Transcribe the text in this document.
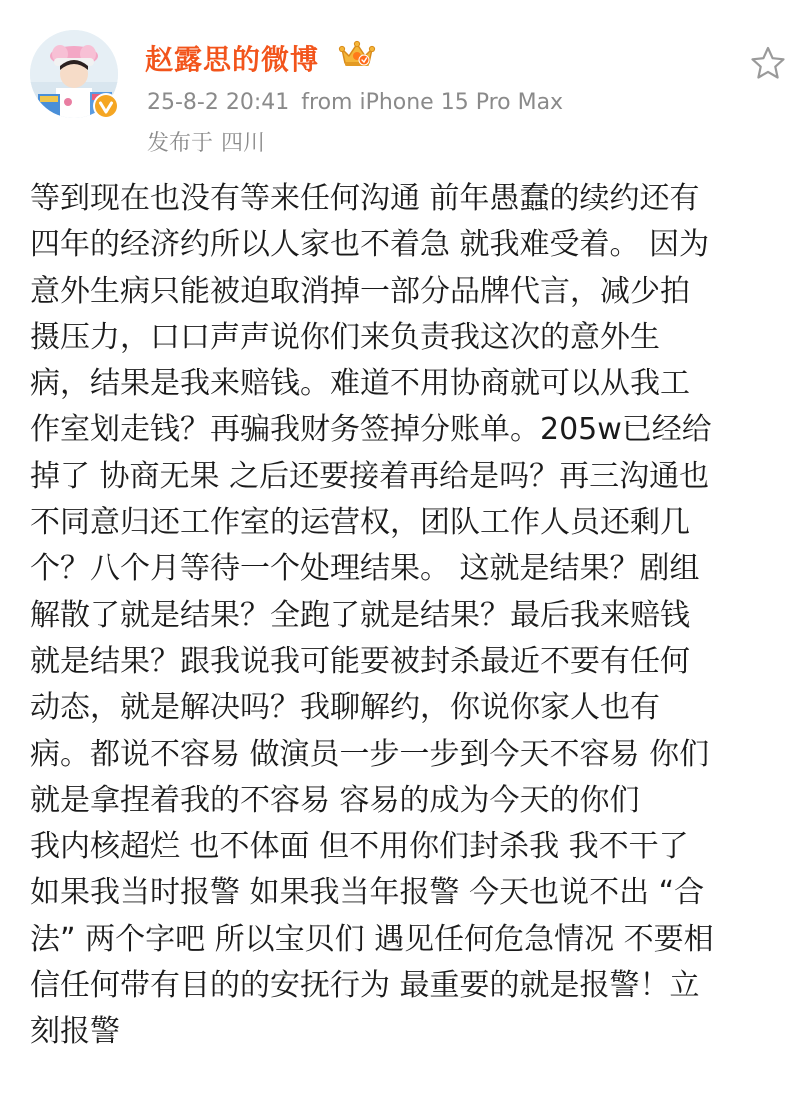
赵露思的微博
25-8-2 20:41 from iPhone 15 Pro Max
发布于 四川
等到现在也没有等来任何沟通 前年愚蠢的续约还有
四年的经济约所以人家也不着急 就我难受着。 因为
意外生病只能被迫取消掉一部分品牌代言，减少拍
摄压力，口口声声说你们来负责我这次的意外生
病，结果是我来赔钱。难道不用协商就可以从我工
作室划走钱？再骗我财务签掉分账单。205w已经给
掉了 协商无果 之后还要接着再给是吗？再三沟通也
不同意归还工作室的运营权，团队工作人员还剩几
个？八个月等待一个处理结果。 这就是结果？剧组
解散了就是结果？全跑了就是结果？最后我来赔钱
就是结果？跟我说我可能要被封杀最近不要有任何
动态，就是解决吗？我聊解约，你说你家人也有
病。都说不容易 做演员一步一步到今天不容易 你们
就是拿捏着我的不容易 容易的成为今天的你们
我内核超烂 也不体面 但不用你们封杀我 我不干了
如果我当时报警 如果我当年报警 今天也说不出 “合
法” 两个字吧 所以宝贝们 遇见任何危急情况 不要相
信任何带有目的的安抚行为 最重要的就是报警！立
刻报警
